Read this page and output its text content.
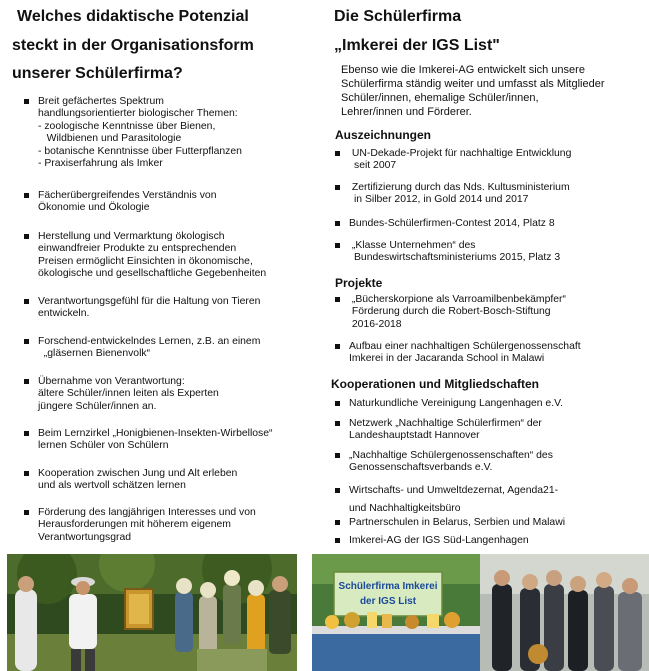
Welches didaktische Potenzial
steckt in der Organisationsform
unserer Schülerfirma?
Breit gefächertes Spektrum
handlungsorientierter biologischer Themen:
- zoologische Kenntnisse über Bienen,
Wildbienen und Parasitologie
- botanische Kenntnisse über Futterpflanzen
- Praxiserfahrung als Imker
Fächerübergreifendes Verständnis von
Ökonomie und Ökologie
Herstellung und Vermarktung ökologisch
einwandfreier Produkte zu entsprechenden
Preisen ermöglicht Einsichten in ökonomische,
ökologische und gesellschaftliche Gegebenheiten
Verantwortungsgefühl für die Haltung von Tieren
entwickeln.
Forschend-entwickelndes Lernen, z.B. an einem
„gläsernen Bienenvolk“
Übernahme von Verantwortung:
ältere Schüler/innen leiten als Experten
jüngere Schüler/innen an.
Beim Lernzirkel „Honigbienen-Insekten-Wirbellose“
lernen Schüler von Schülern
Kooperation zwischen Jung und Alt erleben
und als wertvoll schätzen lernen
Förderung des langjährigen Interesses und von
Herausforderungen mit höherem eigenem
Verantwortungsgrad
Die Schülerfirma
„Imkerei der IGS List"

Ebenso wie die Imkerei-AG entwickelt sich unsere
Schülerfirma ständig weiter und umfasst als Mitglieder
Schüler/innen, ehemalige Schüler/innen,
Lehrer/innen und Förderer.

Auszeichnungen
UN-Dekade-Projekt für nachhaltige Entwicklung
seit 2007
Zertifizierung durch das Nds. Kultusministerium
in Silber 2012, in Gold 2014 und 2017
Bundes-Schülerfirmen-Contest 2014, Platz 8
„Klasse Unternehmen“ des
Bundeswirtschaftsministeriums 2015, Platz 3
Projekte
„Bücherskorpione als Varroamilbenbekämpfer“
Förderung durch die Robert-Bosch-Stiftung
2016-2018
Aufbau einer nachhaltigen Schülergenossenschaft
Imkerei in der Jacaranda School in Malawi
Kooperationen und Mitgliedschaften
Naturkundliche Vereinigung Langenhagen e.V.
Netzwerk „Nachhaltige Schülerfirmen“ der
Landeshauptstadt Hannover
„Nachhaltige Schülergenossenschaften“ des
Genossenschaftsverbands e.V.
Wirtschafts- und Umweltdezernat, Agenda21-
und Nachhaltigkeitsbüro
Partnerschulen in Belarus, Serbien und Malawi
Imkerei-AG der IGS Süd-Langenhagen
Schülerfirma Imkerei
der IGS List
